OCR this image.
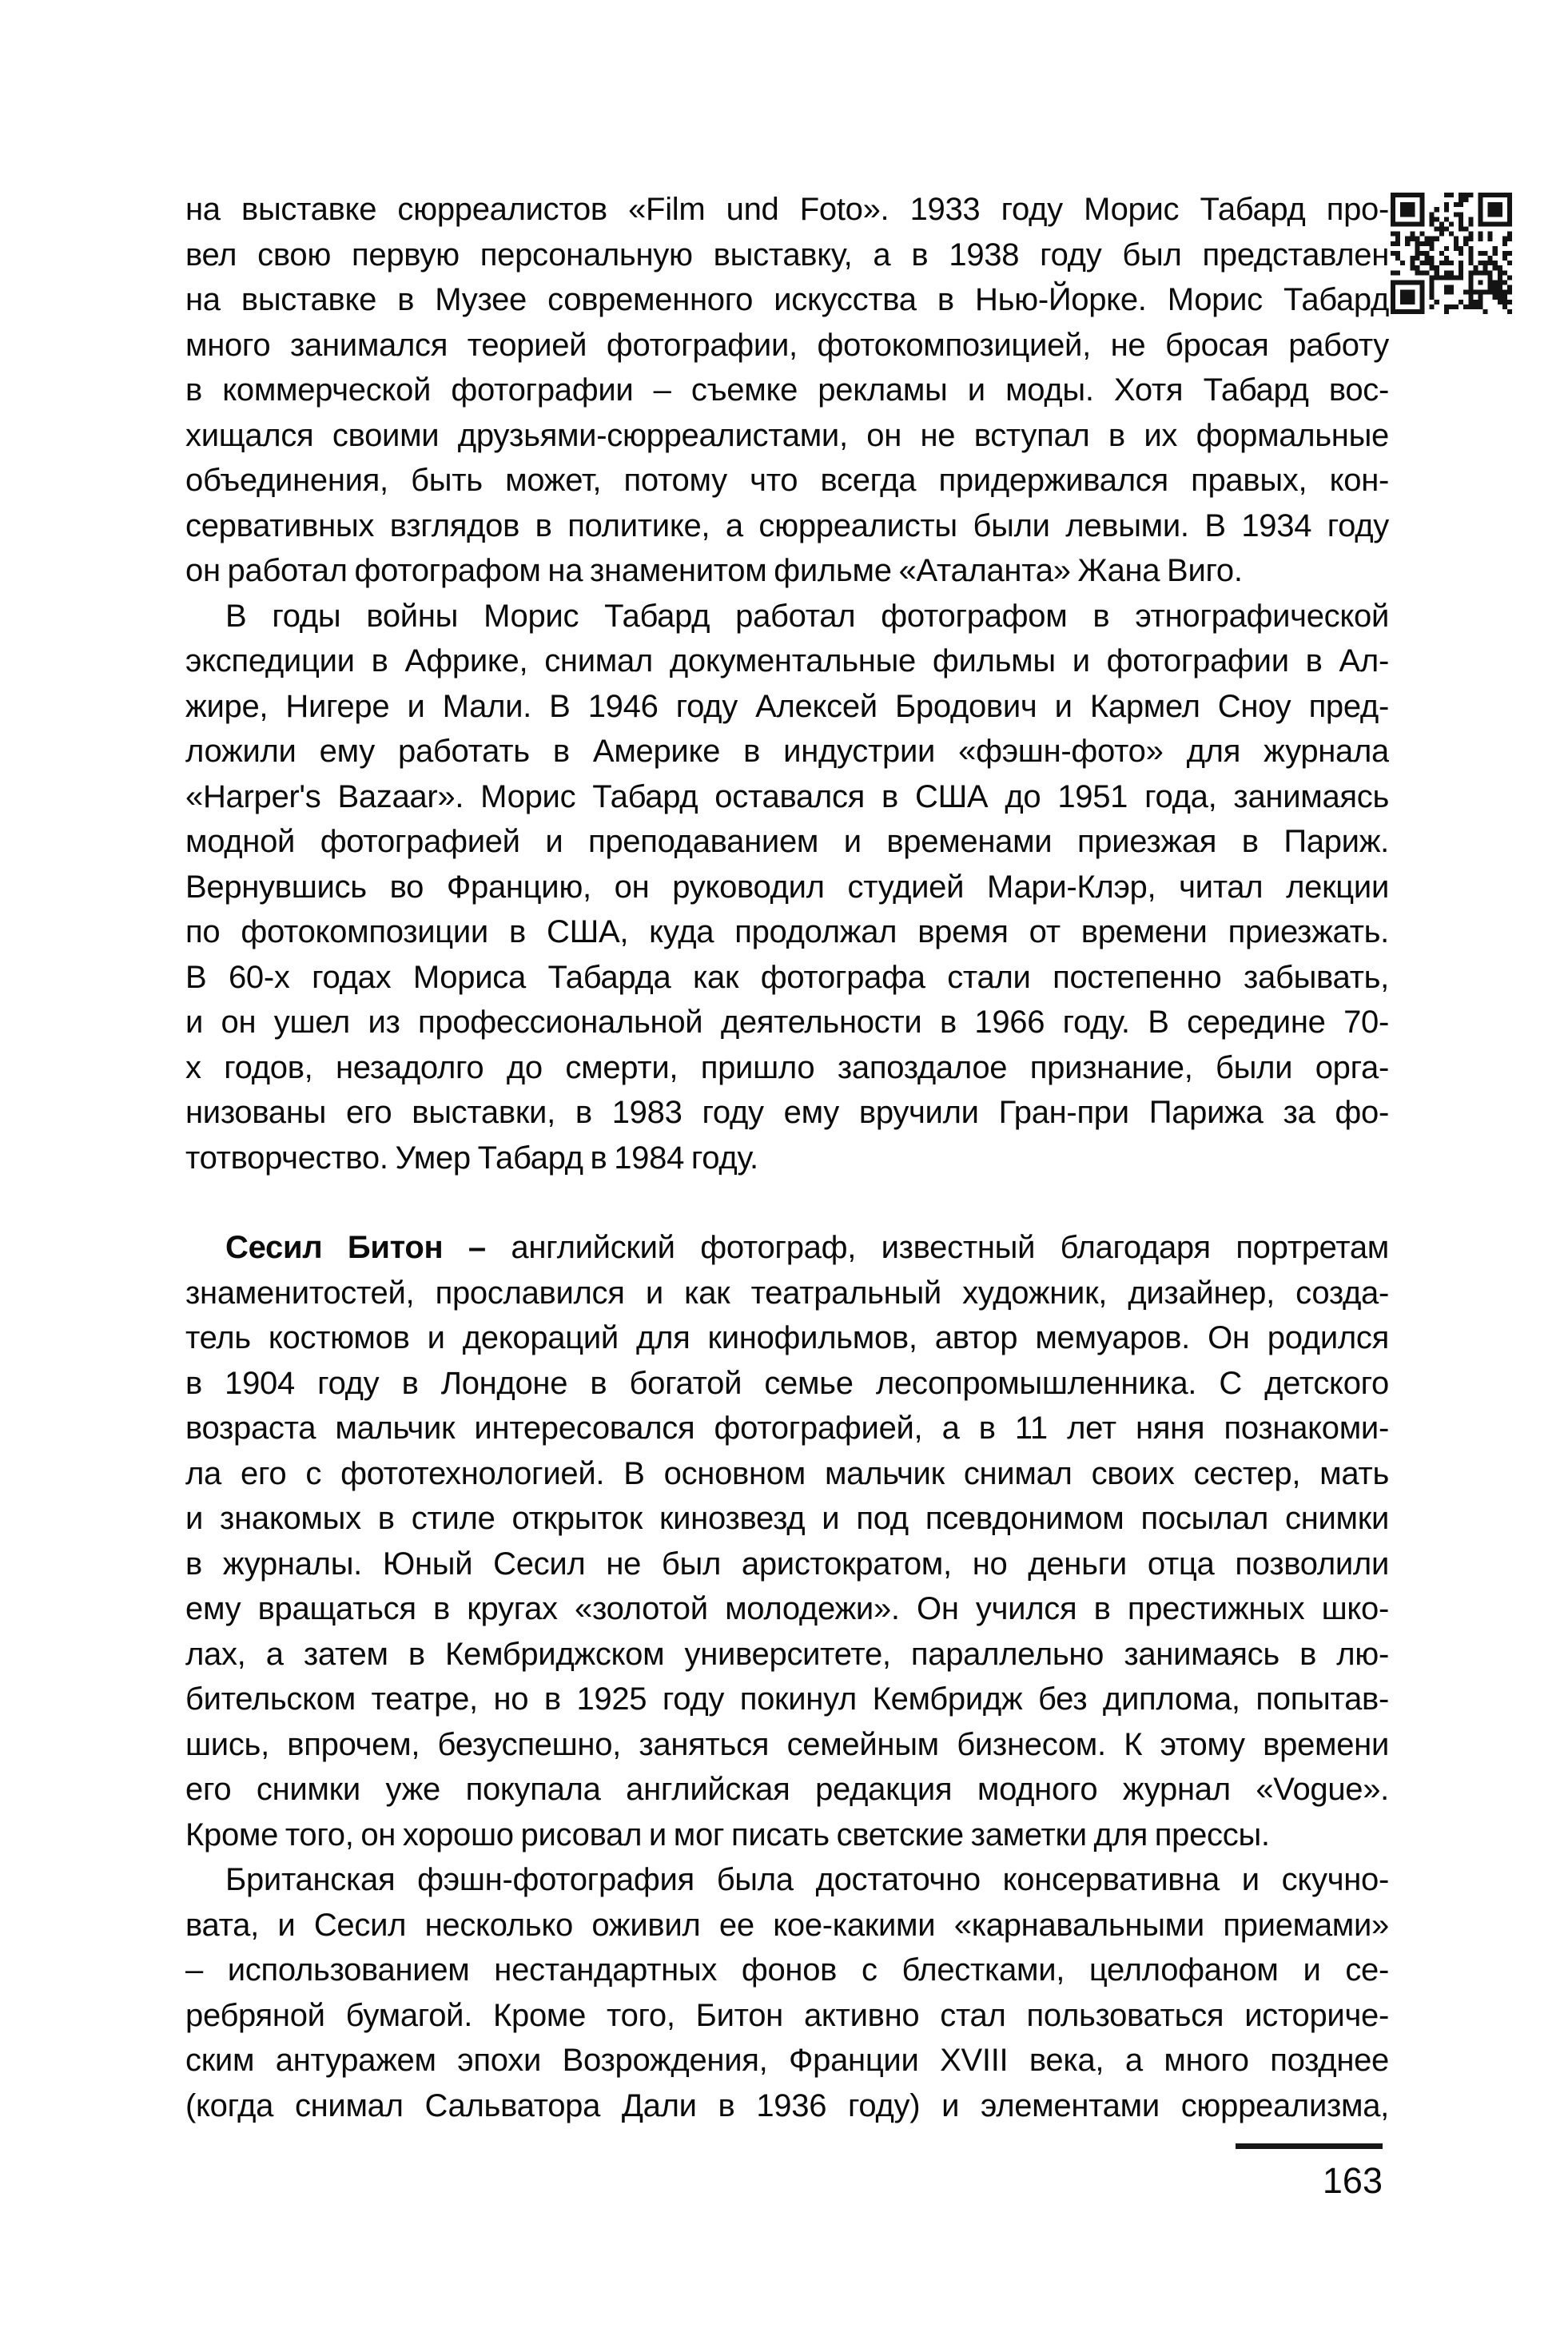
на выставке сюрреалистов «Film und Foto». 1933 году Морис Табард про-
вел свою первую персональную выставку, а в 1938 году был представлен
на выставке в Музее современного искусства в Нью-Йорке. Морис Табард
много занимался теорией фотографии, фотокомпозицией, не бросая работу
в коммерческой фотографии – съемке рекламы и моды. Хотя Табард вос-
хищался своими друзьями-сюрреалистами, он не вступал в их формальные
объединения, быть может, потому что всегда придерживался правых, кон-
сервативных взглядов в политике, а сюрреалисты были левыми. В 1934 году
он работал фотографом на знаменитом фильме «Аталанта» Жана Виго.
В годы войны Морис Табард работал фотографом в этнографической
экспедиции в Африке, снимал документальные фильмы и фотографии в Ал-
жире, Нигере и Мали. В 1946 году Алексей Бродович и Кармел Сноу пред-
ложили ему работать в Америке в индустрии «фэшн-фото» для журнала
«Harper's Bazaar». Морис Табард оставался в США до 1951 года, занимаясь
модной фотографией и преподаванием и временами приезжая в Париж.
Вернувшись во Францию, он руководил студией Мари-Клэр, читал лекции
по фотокомпозиции в США, куда продолжал время от времени приезжать.
В 60-х годах Мориса Табарда как фотографа стали постепенно забывать,
и он ушел из профессиональной деятельности в 1966 году. В середине 70-
х годов, незадолго до смерти, пришло запоздалое признание, были орга-
низованы его выставки, в 1983 году ему вручили Гран-при Парижа за фо-
тотворчество. Умер Табард в 1984 году.
Сесил Битон – английский фотограф, известный благодаря портретам
знаменитостей, прославился и как театральный художник, дизайнер, созда-
тель костюмов и декораций для кинофильмов, автор мемуаров. Он родился
в 1904 году в Лондоне в богатой семье лесопромышленника. С детского
возраста мальчик интересовался фотографией, а в 11 лет няня познакоми-
ла его с фототехнологией. В основном мальчик снимал своих сестер, мать
и знакомых в стиле открыток кинозвезд и под псевдонимом посылал снимки
в журналы. Юный Сесил не был аристократом, но деньги отца позволили
ему вращаться в кругах «золотой молодежи». Он учился в престижных шко-
лах, а затем в Кембриджском университете, параллельно занимаясь в лю-
бительском театре, но в 1925 году покинул Кембридж без диплома, попытав-
шись, впрочем, безуспешно, заняться семейным бизнесом. К этому времени
его снимки уже покупала английская редакция модного журнал «Vogue».
Кроме того, он хорошо рисовал и мог писать светские заметки для прессы.
Британская фэшн-фотография была достаточно консервативна и скучно-
вата, и Сесил несколько оживил ее кое-какими «карнавальными приемами»
– использованием нестандартных фонов с блестками, целлофаном и се-
ребряной бумагой. Кроме того, Битон активно стал пользоваться историче-
ским антуражем эпохи Возрождения, Франции XVIII века, а много позднее
(когда снимал Сальватора Дали в 1936 году) и элементами сюрреализма,
163
